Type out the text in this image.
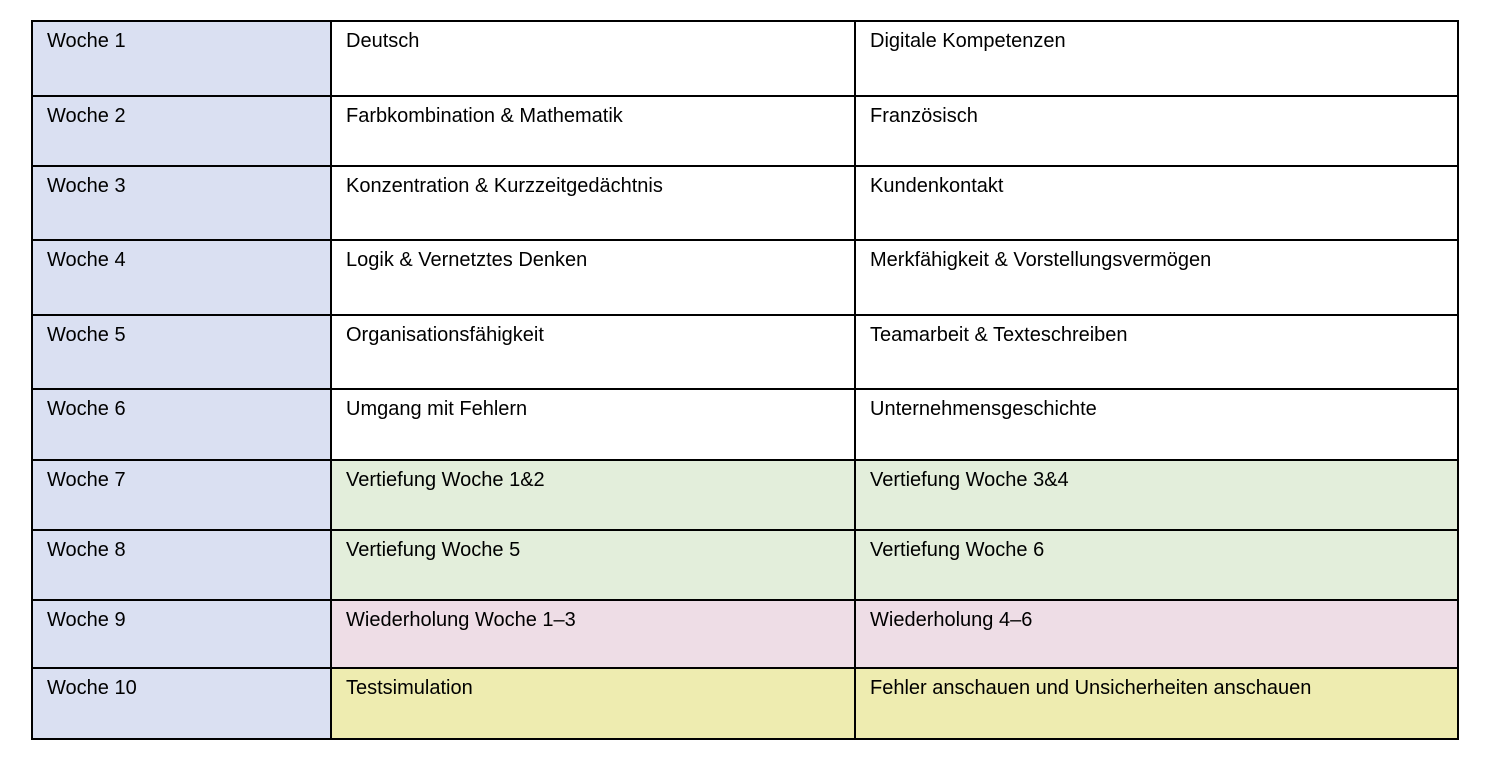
Woche 1	Deutsch	Digitale Kompetenzen
Woche 2	Farbkombination & Mathematik	Französisch
Woche 3	Konzentration & Kurzzeitgedächtnis	Kundenkontakt
Woche 4	Logik & Vernetztes Denken	Merkfähigkeit & Vorstellungsvermögen
Woche 5	Organisationsfähigkeit	Teamarbeit & Texteschreiben
Woche 6	Umgang mit Fehlern	Unternehmensgeschichte
Woche 7	Vertiefung Woche 1&2	Vertiefung Woche 3&4
Woche 8	Vertiefung Woche 5	Vertiefung Woche 6
Woche 9	Wiederholung Woche 1–3	Wiederholung 4–6
Woche 10	Testsimulation	Fehler anschauen und Unsicherheiten anschauen
